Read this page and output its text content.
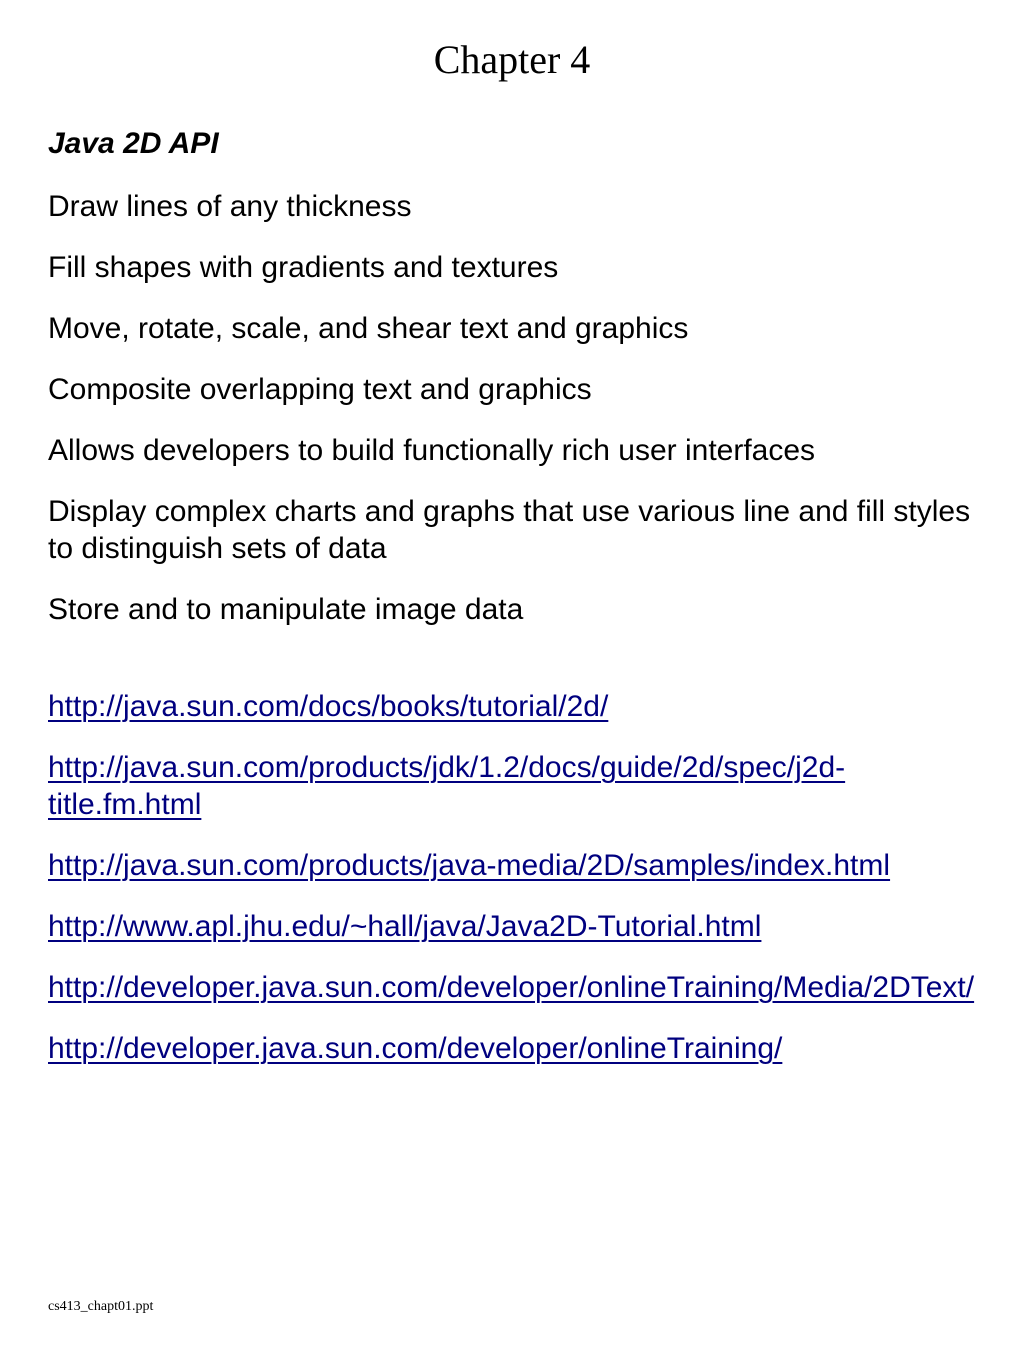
Chapter 4
Java 2D API
Draw lines of any thickness
Fill shapes with gradients and textures
Move, rotate, scale, and shear text and graphics
Composite overlapping text and graphics
Allows developers to build functionally rich user interfaces
Display complex charts and graphs that use various line and fill styles to distinguish sets of data
Store and to manipulate image data
http://java.sun.com/docs/books/tutorial/2d/
http://java.sun.com/products/jdk/1.2/docs/guide/2d/spec/j2d-title.fm.html
http://java.sun.com/products/java-media/2D/samples/index.html
http://www.apl.jhu.edu/~hall/java/Java2D-Tutorial.html
http://developer.java.sun.com/developer/onlineTraining/Media/2DText/
http://developer.java.sun.com/developer/onlineTraining/
cs413_chapt01.ppt
